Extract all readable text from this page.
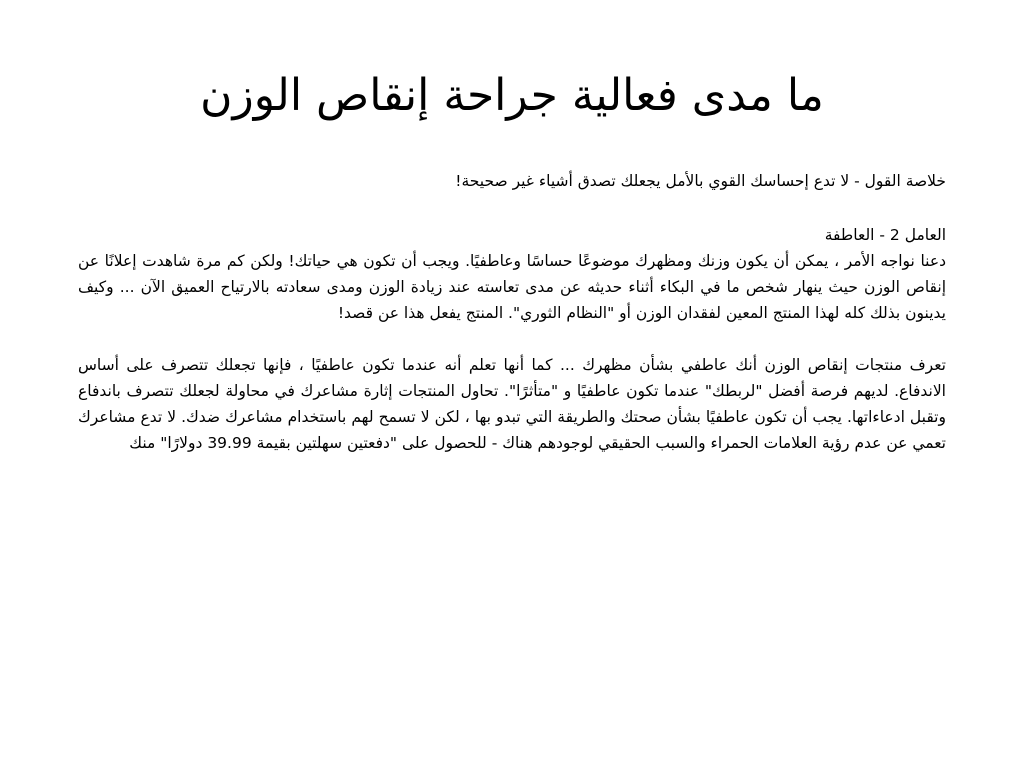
ما مدى فعالية جراحة إنقاص الوزن

خلاصة القول - لا تدع إحساسك القوي بالأمل يجعلك تصدق أشياء غير صحيحة!

العامل 2 - العاطفة

دعنا نواجه الأمر ، يمكن أن يكون وزنك ومظهرك موضوعًا حساسًا وعاطفيًا. ويجب أن تكون هي حياتك! ولكن كم مرة شاهدت إعلانًا عن إنقاص الوزن حيث ينهار شخص ما في البكاء أثناء حديثه عن مدى تعاسته عند زيادة الوزن ومدى سعادته بالارتياح العميق الآن ... وكيف يدينون بذلك كله لهذا المنتج المعين لفقدان الوزن أو "النظام الثوري". المنتج يفعل هذا عن قصد!

تعرف منتجات إنقاص الوزن أنك عاطفي بشأن مظهرك ... كما أنها تعلم أنه عندما تكون عاطفيًا ، فإنها تجعلك تتصرف على أساس الاندفاع. لديهم فرصة أفضل "لربطك" عندما تكون عاطفيًا و "متأثرًا". تحاول المنتجات إثارة مشاعرك في محاولة لجعلك تتصرف باندفاع وتقبل ادعاءاتها. يجب أن تكون عاطفيًا بشأن صحتك والطريقة التي تبدو بها ، لكن لا تسمح لهم باستخدام مشاعرك ضدك. لا تدع مشاعرك تعمي عن عدم رؤية العلامات الحمراء والسبب الحقيقي لوجودهم هناك - للحصول على "دفعتين سهلتين بقيمة 39.99 دولارًا" منك
